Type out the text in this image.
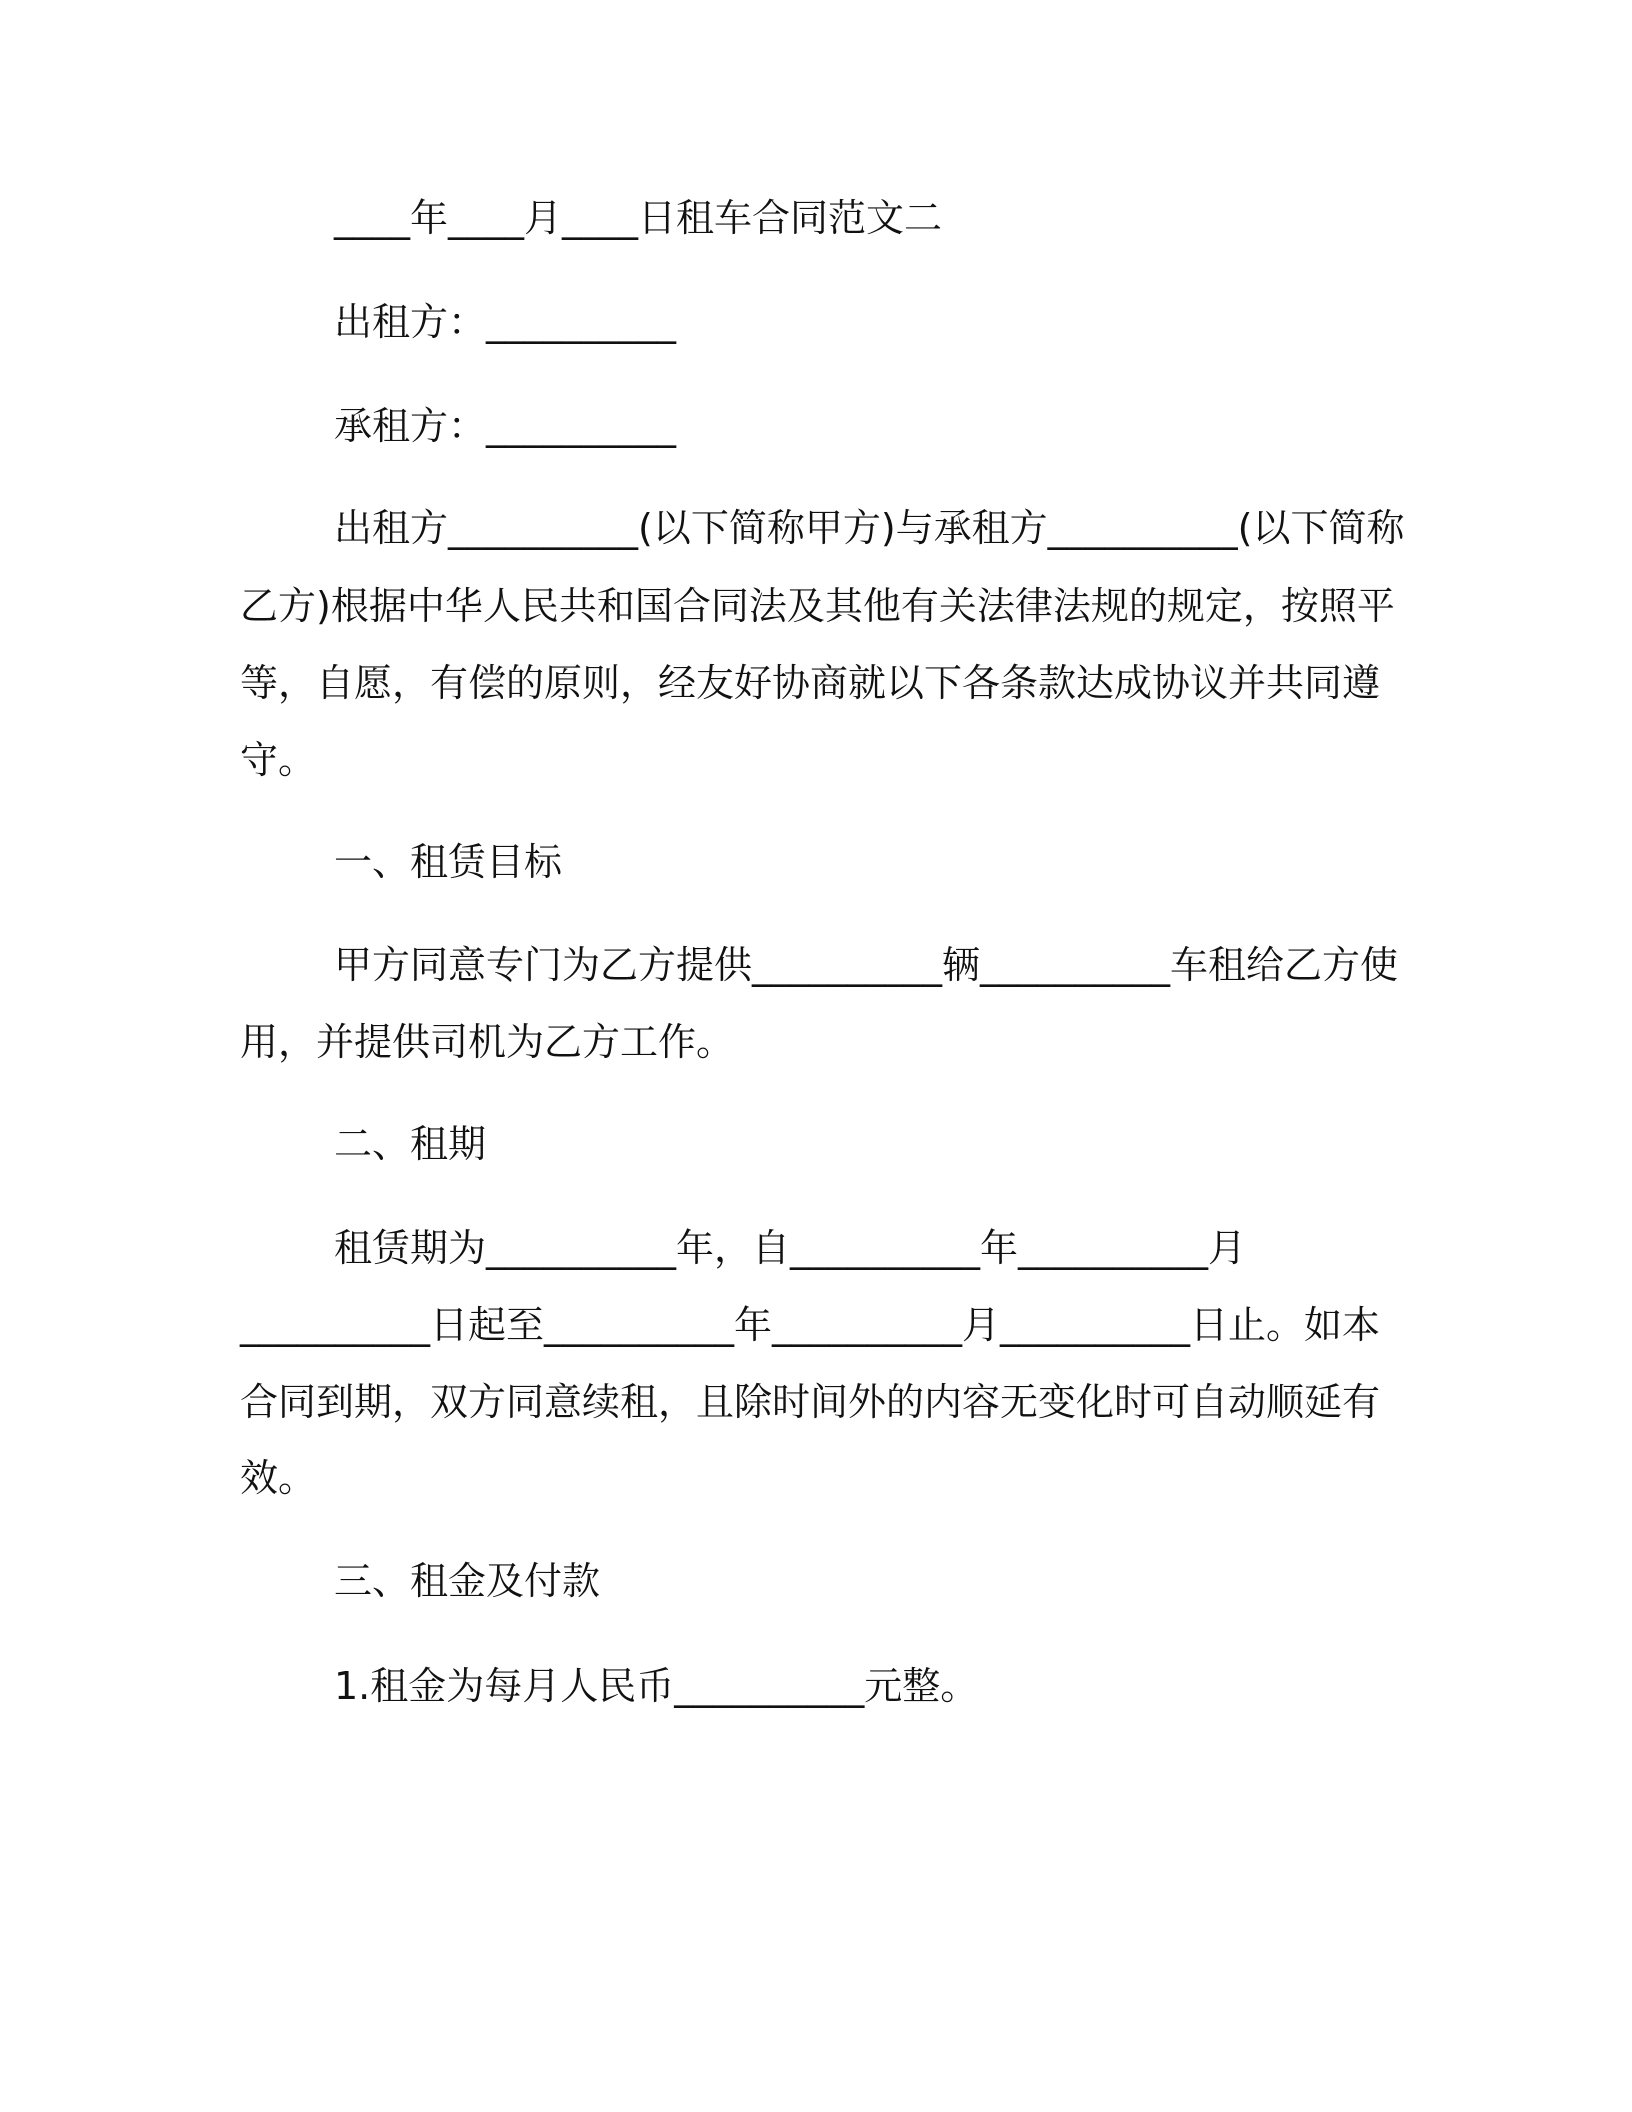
____年____月____日租车合同范文二
出租方：__________
承租方：__________
出租方__________(以下简称甲方)与承租方__________(以下简称
乙方)根据中华人民共和国合同法及其他有关法律法规的规定，按照平
等，自愿，有偿的原则，经友好协商就以下各条款达成协议并共同遵
守。
一、租赁目标
甲方同意专门为乙方提供__________辆__________车租给乙方使
用，并提供司机为乙方工作。
二、租期
租赁期为__________年，自__________年__________月
__________日起至__________年__________月__________日止。如本
合同到期，双方同意续租，且除时间外的内容无变化时可自动顺延有
效。
三、租金及付款
1.租金为每月人民币__________元整。
